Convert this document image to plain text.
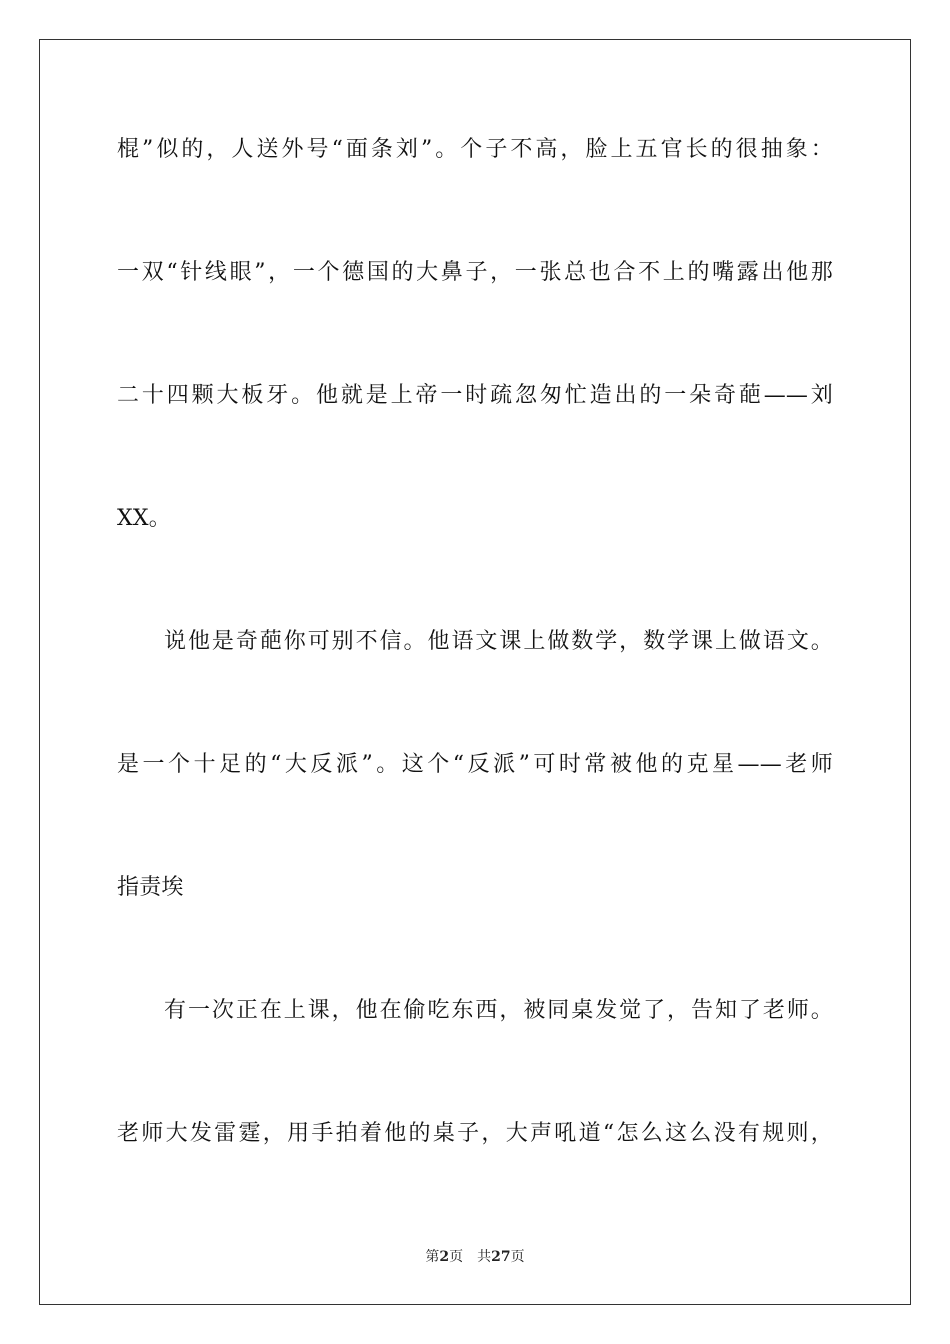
棍”似的，人送外号“面条刘”。个子不高，脸上五官长的很抽象：
一双“针线眼”，一个德国的大鼻子，一张总也合不上的嘴露出他那
二十四颗大板牙。他就是上帝一时疏忽匆忙造出的一朵奇葩——刘
XX。
说他是奇葩你可别不信。他语文课上做数学，数学课上做语文。
是一个十足的“大反派”。这个“反派”可时常被他的克星——老师
指责埃
有一次正在上课，他在偷吃东西，被同桌发觉了，告知了老师。
老师大发雷霆，用手拍着他的桌子，大声吼道“怎么这么没有规则，
第2页 共27页
